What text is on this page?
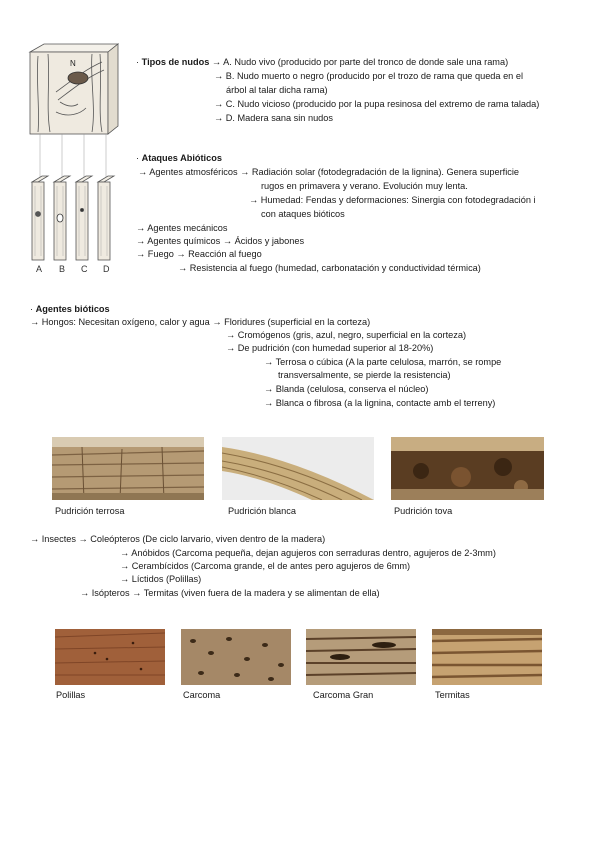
N
A B C D
· Tipos de nudos → A. Nudo vivo (producido por parte del tronco de donde sale una rama)
→ B. Nudo muerto o negro (producido por el trozo de rama que queda en el
árbol al talar dicha rama)
→ C. Nudo vicioso (producido por la pupa resinosa del extremo de rama talada)
→ D. Madera sana sin nudos
· Ataques Abióticos
→ Agentes atmosféricos → Radiación solar (fotodegradación de la lignina). Genera superficie
rugos en primavera y verano. Evolución muy lenta.
→ Humedad: Fendas y deformaciones: Sinergia con fotodegradación i
con ataques bióticos
→ Agentes mecánicos
→ Agentes químicos → Ácidos y jabones
→ Fuego → Reacción al fuego
→ Resistencia al fuego (humedad, carbonatación y conductividad térmica)
· Agentes bióticos
→ Hongos: Necesitan oxígeno, calor y agua → Floridures (superficial en la corteza)
→ Cromógenos (gris, azul, negro, superficial en la corteza)
→ De pudrición (con humedad superior al 18-20%)
→ Terrosa o cúbica (A la parte celulosa, marrón, se rompe
transversalmente, se pierde la resistencia)
→ Blanda (celulosa, conserva el núcleo)
→ Blanca o fibrosa (a la lignina, contacte amb el terreny)
Pudrición terrosa	Pudrición blanca	Pudrición tova
→ Insectes → Coleópteros (De ciclo larvario, viven dentro de la madera)
→ Anóbidos (Carcoma pequeña, dejan agujeros con serraduras dentro, agujeros de 2-3mm)
→ Cerambícidos (Carcoma grande, el de antes pero agujeros de 6mm)
→ Líctidos (Polillas)
→ Isópteros → Termitas (viven fuera de la madera y se alimentan de ella)
Polillas	Carcoma	Carcoma Gran	Termitas
